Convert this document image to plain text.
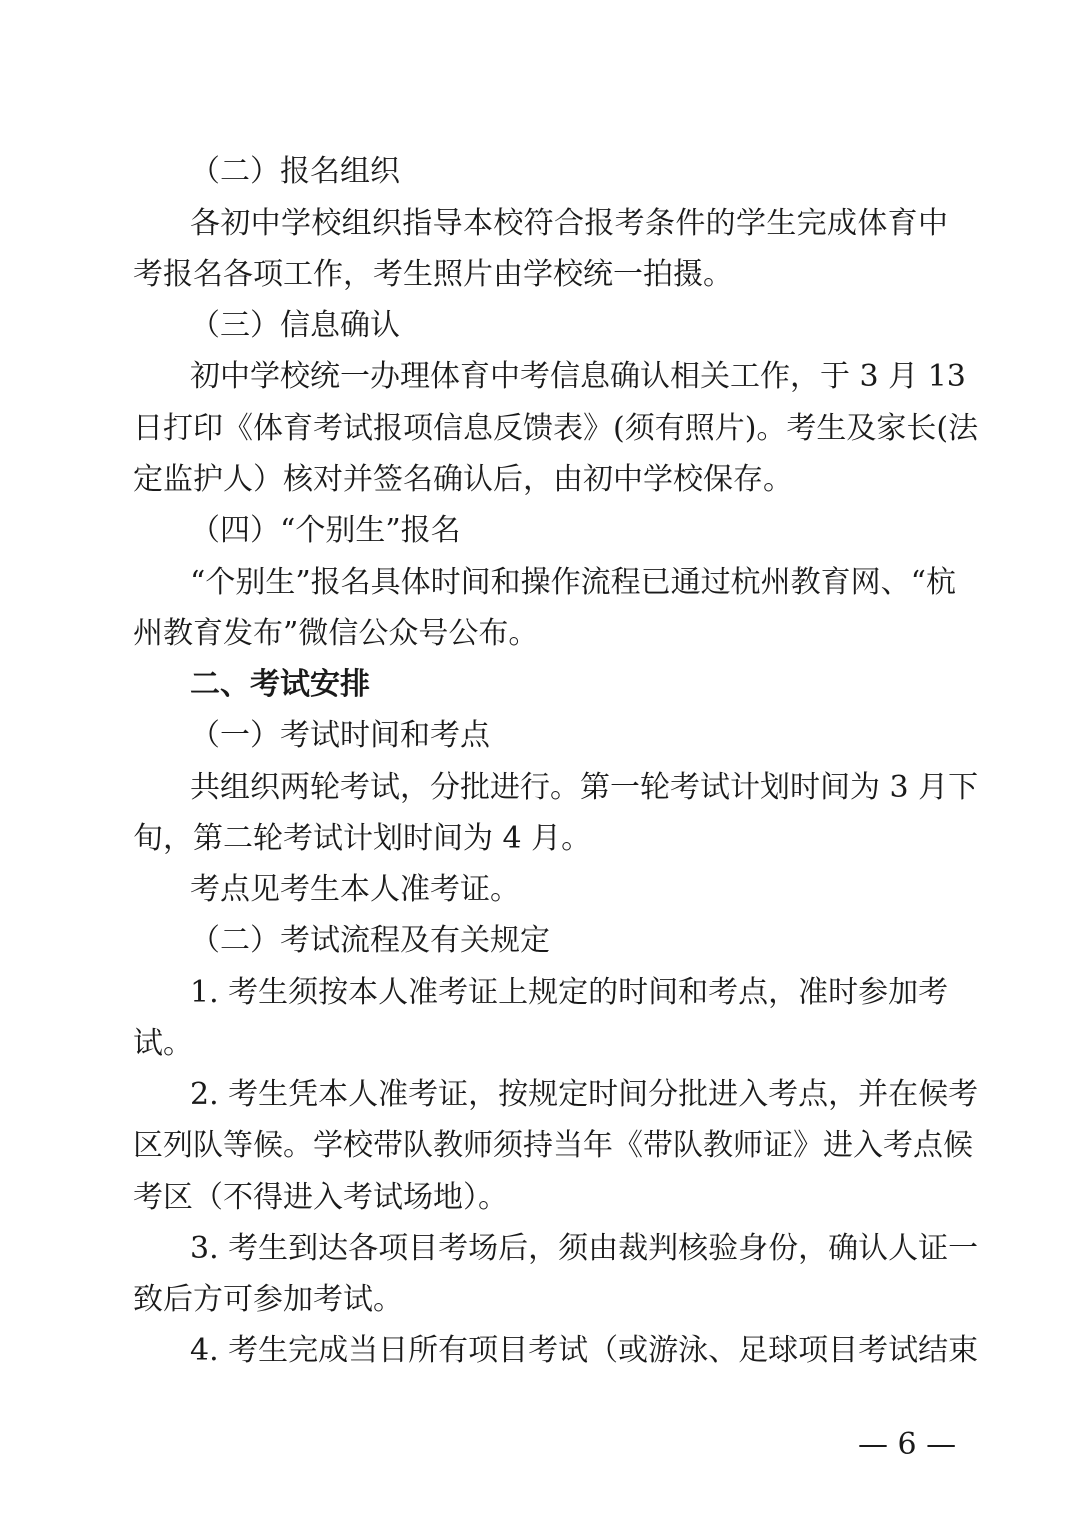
（二）报名组织
各初中学校组织指导本校符合报考条件的学生完成体育中
考报名各项工作，考生照片由学校统一拍摄。
（三）信息确认
初中学校统一办理体育中考信息确认相关工作，于 3 月 13
日打印《体育考试报项信息反馈表》(须有照片)。考生及家长(法
定监护人）核对并签名确认后，由初中学校保存。
（四）“个别生”报名
“个别生”报名具体时间和操作流程已通过杭州教育网、“杭
州教育发布”微信公众号公布。
二、考试安排
（一）考试时间和考点
共组织两轮考试，分批进行。第一轮考试计划时间为 3 月下
旬，第二轮考试计划时间为 4 月。
考点见考生本人准考证。
（二）考试流程及有关规定
1. 考生须按本人准考证上规定的时间和考点，准时参加考
试。
2. 考生凭本人准考证，按规定时间分批进入考点，并在候考
区列队等候。学校带队教师须持当年《带队教师证》进入考点候
考区（不得进入考试场地）。
3. 考生到达各项目考场后，须由裁判核验身份，确认人证一
致后方可参加考试。
4. 考生完成当日所有项目考试（或游泳、足球项目考试结束
— 6 —
